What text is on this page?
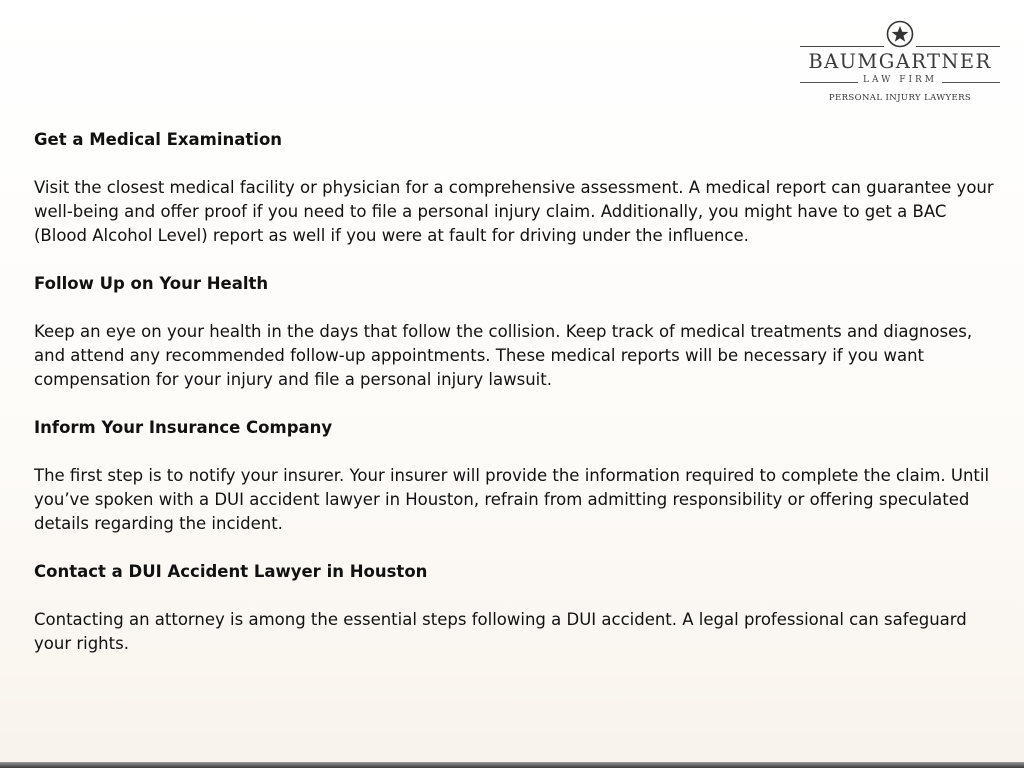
BAUMGARTNER
LAW FIRM
PERSONAL INJURY LAWYERS
Get a Medical Examination

Visit the closest medical facility or physician for a comprehensive assessment. A medical report can guarantee your well-being and offer proof if you need to file a personal injury claim. Additionally, you might have to get a BAC (Blood Alcohol Level) report as well if you were at fault for driving under the influence.

Follow Up on Your Health

Keep an eye on your health in the days that follow the collision. Keep track of medical treatments and diagnoses, and attend any recommended follow-up appointments. These medical reports will be necessary if you want compensation for your injury and file a personal injury lawsuit.

Inform Your Insurance Company

The first step is to notify your insurer. Your insurer will provide the information required to complete the claim. Until you’ve spoken with a DUI accident lawyer in Houston, refrain from admitting responsibility or offering speculated details regarding the incident.

Contact a DUI Accident Lawyer in Houston

Contacting an attorney is among the essential steps following a DUI accident. A legal professional can safeguard your rights.
